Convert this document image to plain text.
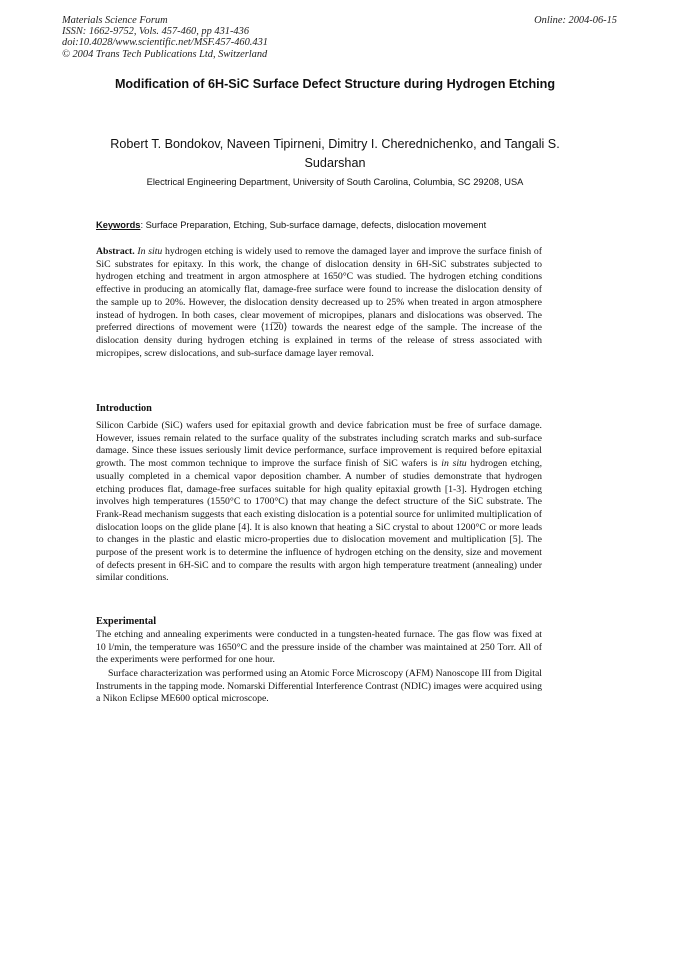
Materials Science Forum
ISSN: 1662-9752, Vols. 457-460, pp 431-436
doi:10.4028/www.scientific.net/MSF.457-460.431
© 2004 Trans Tech Publications Ltd, Switzerland
Online: 2004-06-15
Modification of 6H-SiC Surface Defect Structure during Hydrogen Etching
Robert T. Bondokov, Naveen Tipirneni, Dimitry I. Cherednichenko, and Tangali S. Sudarshan
Electrical Engineering Department, University of South Carolina, Columbia, SC 29208, USA
Keywords: Surface Preparation, Etching, Sub-surface damage, defects, dislocation movement
Abstract. In situ hydrogen etching is widely used to remove the damaged layer and improve the surface finish of SiC substrates for epitaxy. In this work, the change of dislocation density in 6H-SiC substrates subjected to hydrogen etching and treatment in argon atmosphere at 1650°C was studied. The hydrogen etching conditions effective in producing an atomically flat, damage-free surface were found to increase the dislocation density of the sample up to 20%. However, the dislocation density decreased up to 25% when treated in argon atmosphere instead of hydrogen. In both cases, clear movement of micropipes, planars and dislocations was observed. The preferred directions of movement were ⟨11̅2̅0⟩ towards the nearest edge of the sample. The increase of the dislocation density during hydrogen etching is explained in terms of the release of stress associated with micropipes, screw dislocations, and sub-surface damage layer removal.
Introduction
Silicon Carbide (SiC) wafers used for epitaxial growth and device fabrication must be free of surface damage. However, issues remain related to the surface quality of the substrates including scratch marks and sub-surface damage. Since these issues seriously limit device performance, surface improvement is required before epitaxial growth. The most common technique to improve the surface finish of SiC wafers is in situ hydrogen etching, usually completed in a chemical vapor deposition chamber. A number of studies demonstrate that hydrogen etching produces flat, damage-free surfaces suitable for high quality epitaxial growth [1-3]. Hydrogen etching involves high temperatures (1550°C to 1700°C) that may change the defect structure of the SiC substrate. The Frank-Read mechanism suggests that each existing dislocation is a potential source for unlimited multiplication of dislocation loops on the glide plane [4]. It is also known that heating a SiC crystal to about 1200°C or more leads to changes in the plastic and elastic micro-properties due to dislocation movement and multiplication [5]. The purpose of the present work is to determine the influence of hydrogen etching on the density, size and movement of defects present in 6H-SiC and to compare the results with argon high temperature treatment (annealing) under similar conditions.
Experimental
The etching and annealing experiments were conducted in a tungsten-heated furnace. The gas flow was fixed at 10 l/min, the temperature was 1650°C and the pressure inside of the chamber was maintained at 250 Torr. All of the experiments were performed for one hour.
Surface characterization was performed using an Atomic Force Microscopy (AFM) Nanoscope III from Digital Instruments in the tapping mode. Nomarski Differential Interference Contrast (NDIC) images were acquired using a Nikon Eclipse ME600 optical microscope.
